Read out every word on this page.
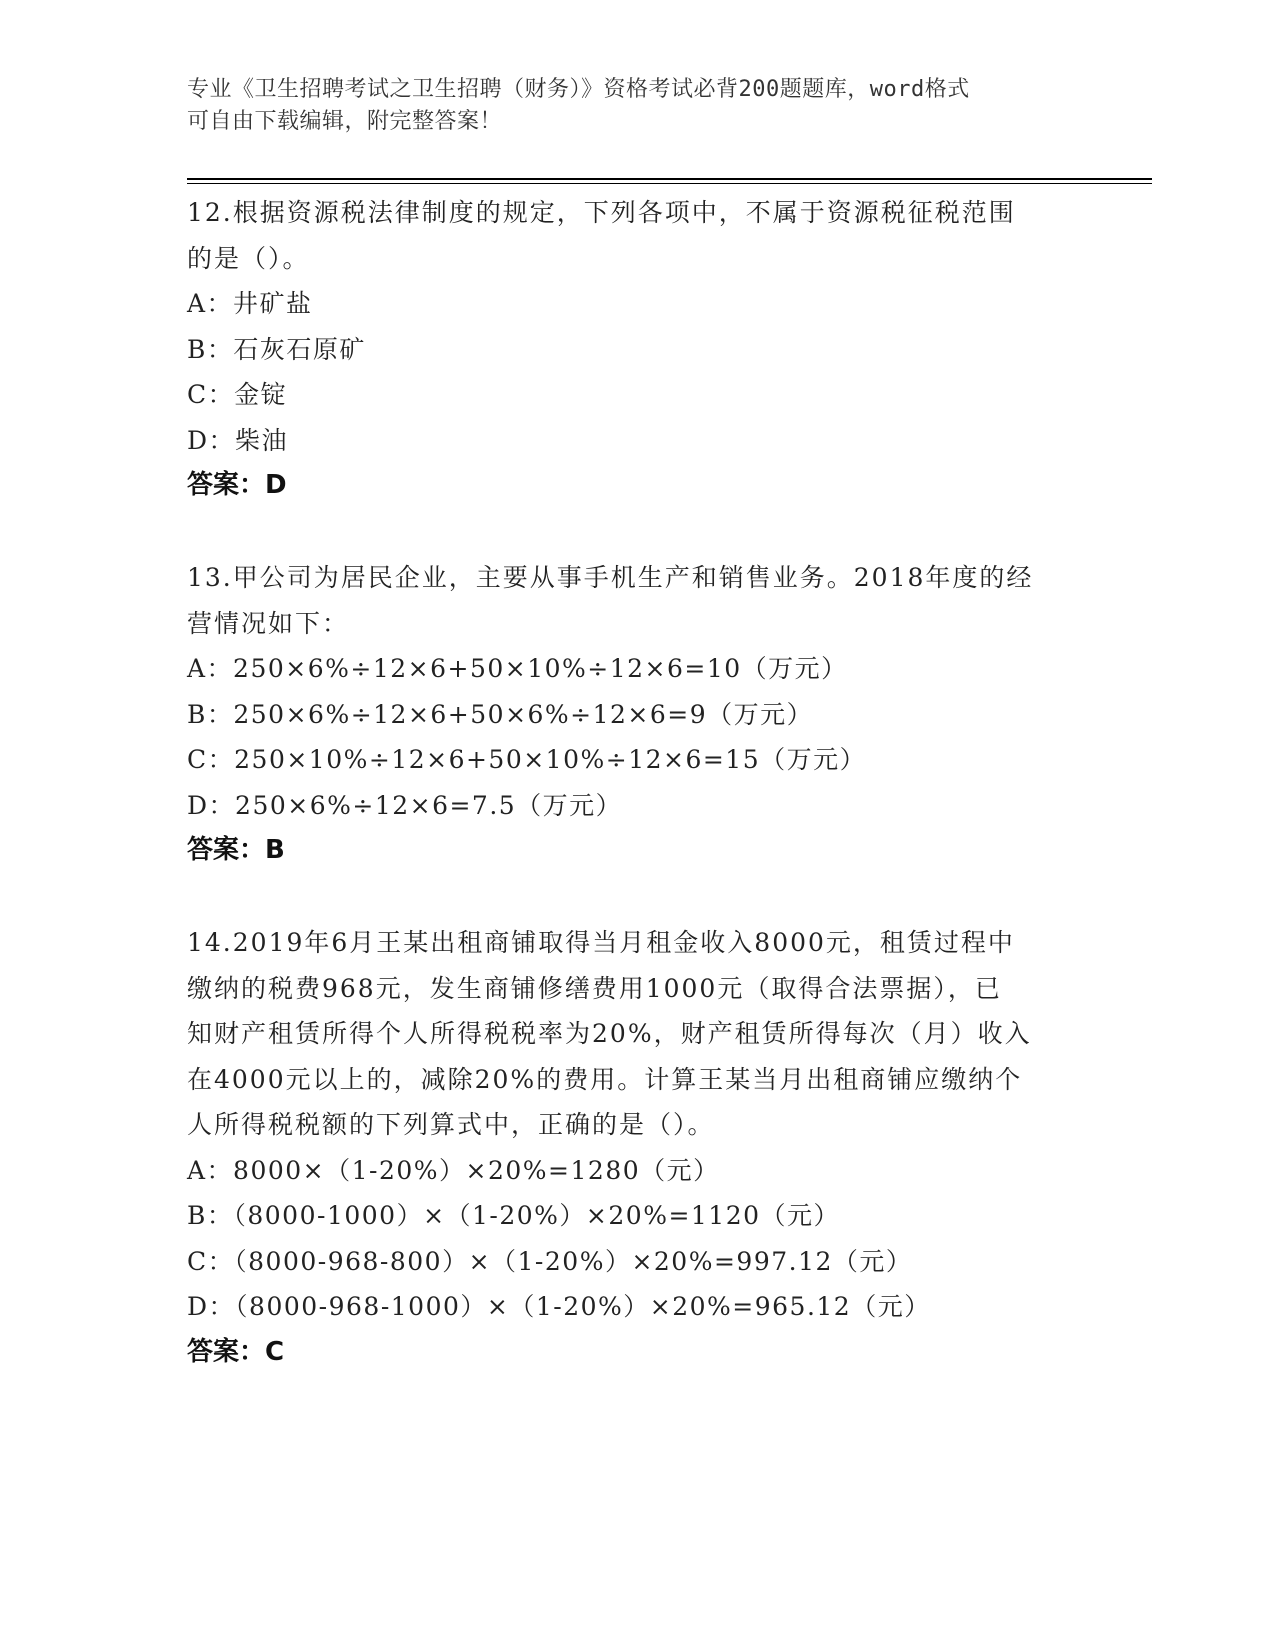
专业《卫生招聘考试之卫生招聘（财务）》资格考试必背200题题库，word格式
可自由下载编辑，附完整答案！

12.根据资源税法律制度的规定，下列各项中，不属于资源税征税范围

的是（）。

A：井矿盐

B：石灰石原矿

C：金锭

D：柴油

答案：D

13.甲公司为居民企业，主要从事手机生产和销售业务。2018年度的经

营情况如下：

A：250×6%÷12×6+50×10%÷12×6=10（万元）

B：250×6%÷12×6+50×6%÷12×6=9（万元）

C：250×10%÷12×6+50×10%÷12×6=15（万元）

D：250×6%÷12×6=7.5（万元）

答案：B

14.2019年6月王某出租商铺取得当月租金收入8000元，租赁过程中

缴纳的税费968元，发生商铺修缮费用1000元（取得合法票据），已

知财产租赁所得个人所得税税率为20%，财产租赁所得每次（月）收入

在4000元以上的，减除20%的费用。计算王某当月出租商铺应缴纳个

人所得税税额的下列算式中，正确的是（）。

A：8000×（1-20%）×20%=1280（元）

B：（8000-1000）×（1-20%）×20%=1120（元）

C：（8000-968-800）×（1-20%）×20%=997.12（元）

D：（8000-968-1000）×（1-20%）×20%=965.12（元）

答案：C
